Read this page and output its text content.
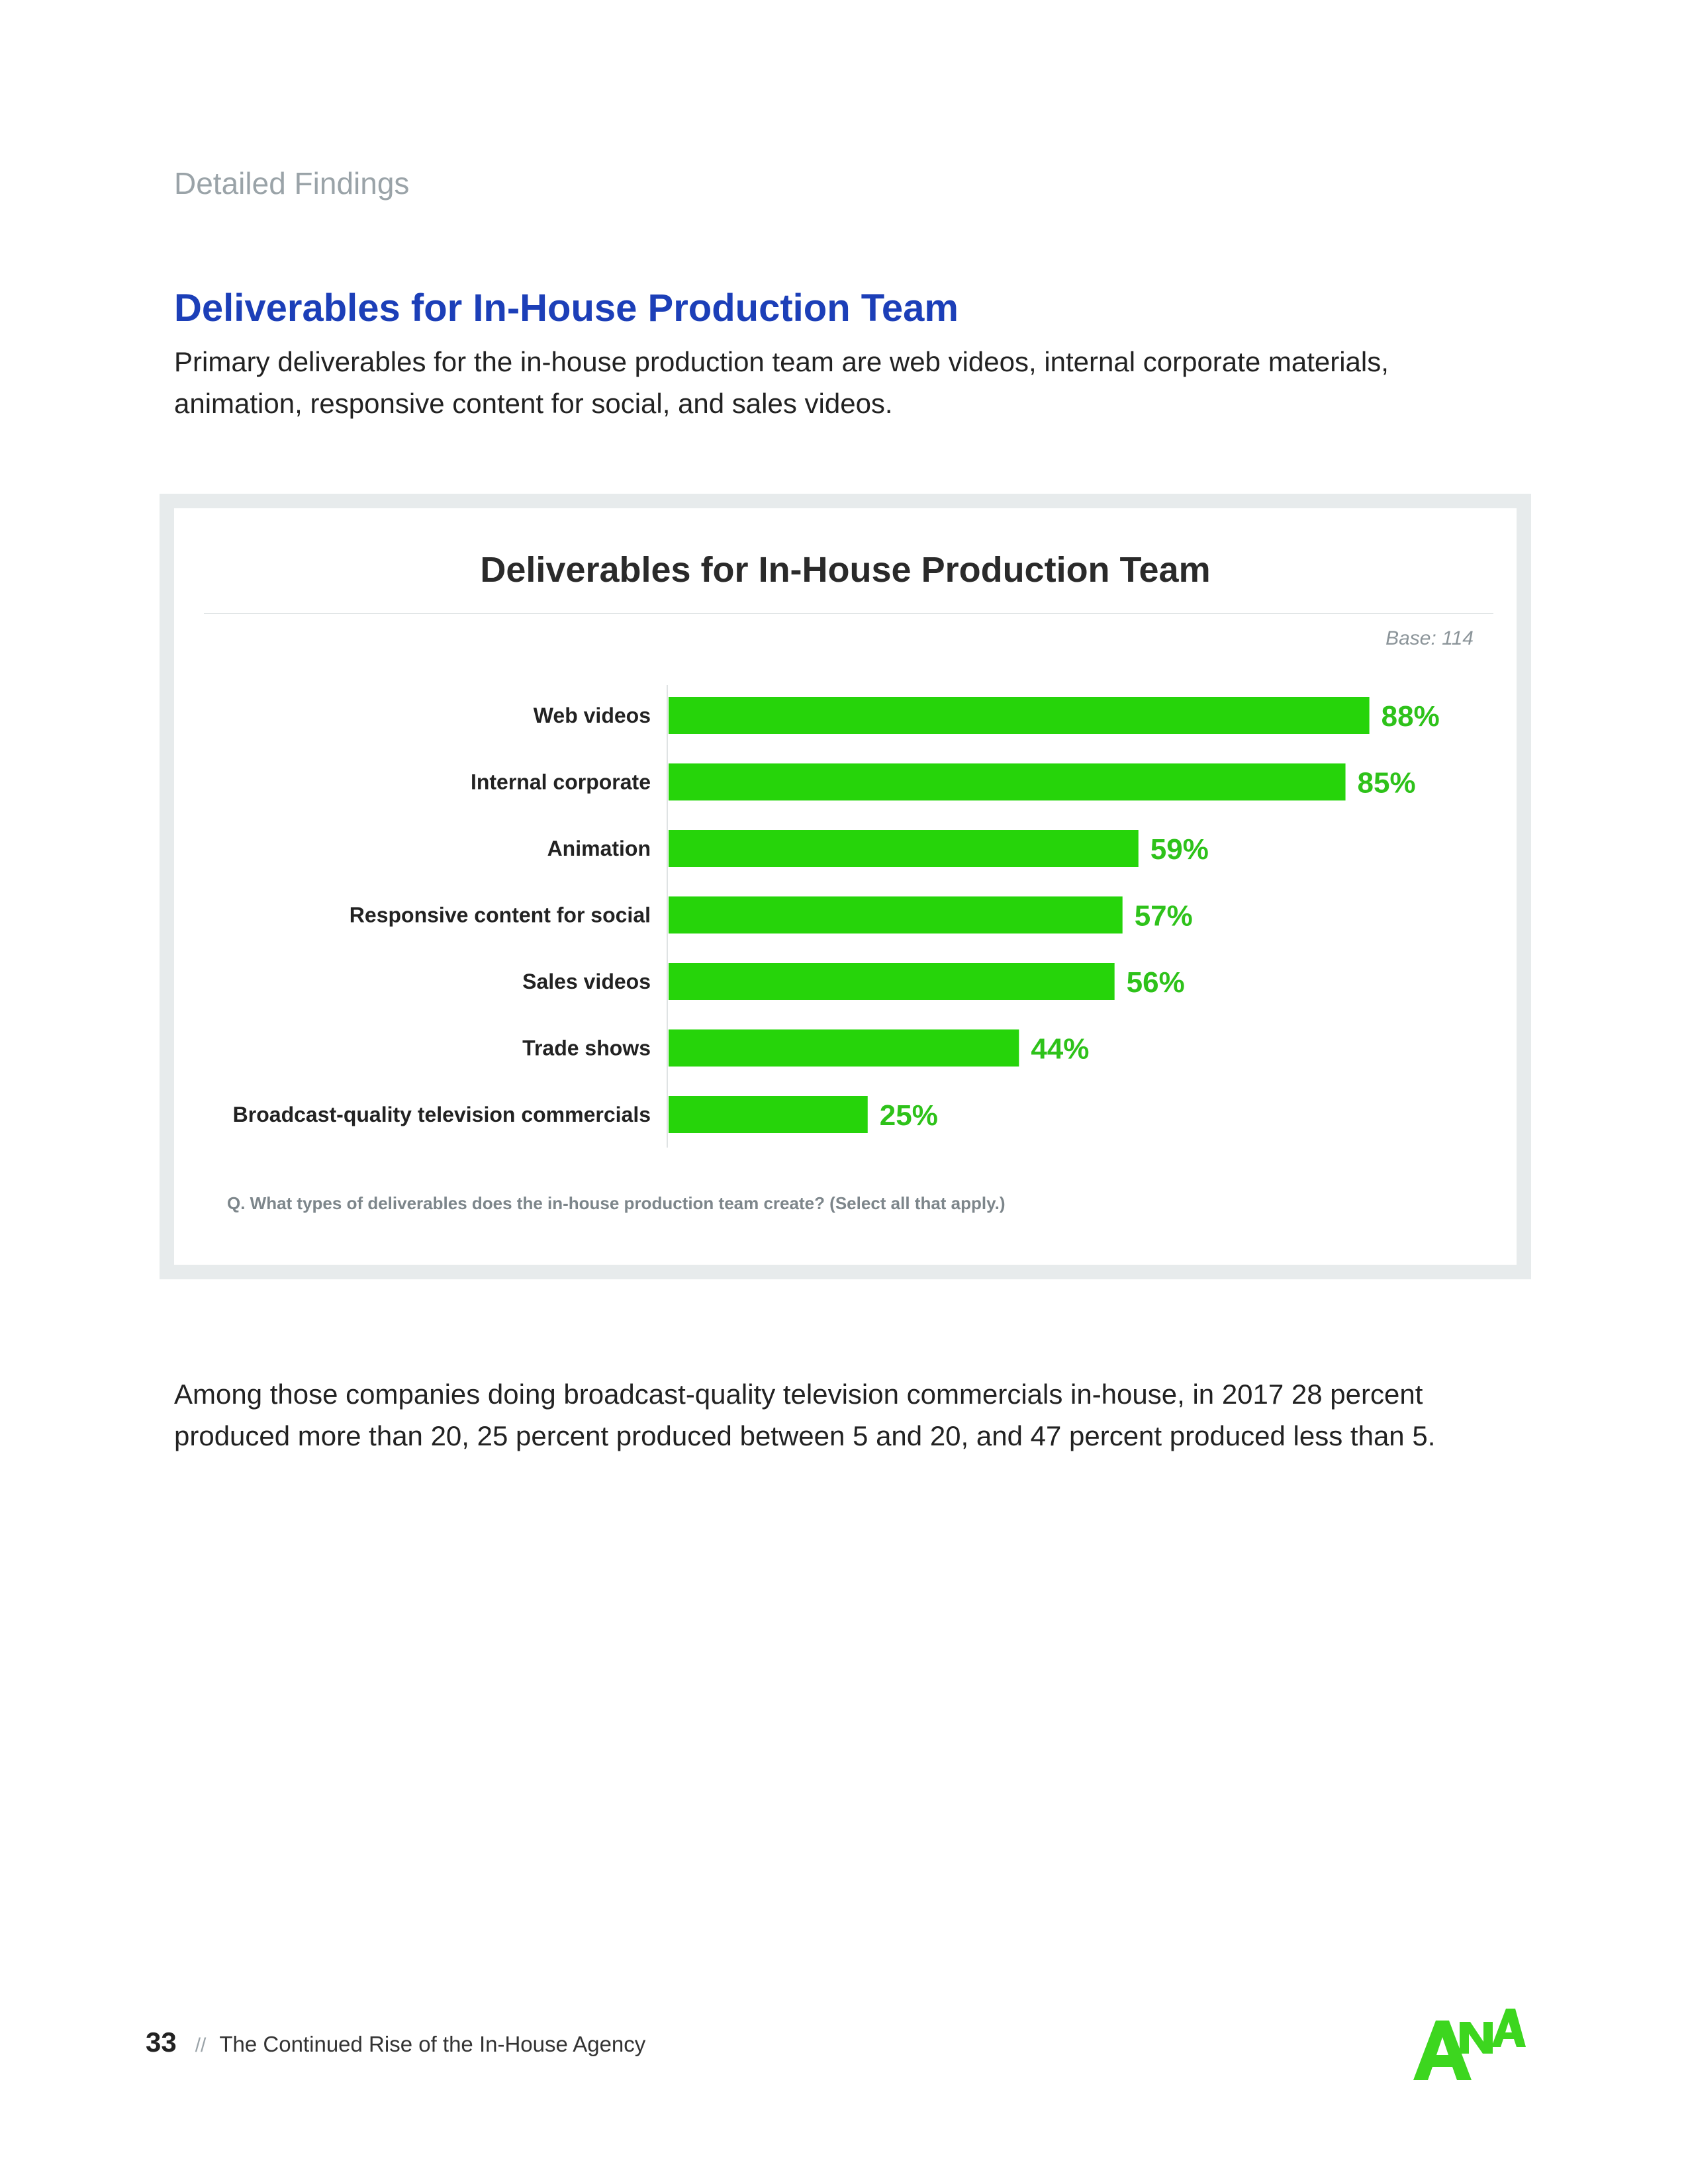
Detailed Findings
Deliverables for In-House Production Team
Primary deliverables for the in-house production team are web videos, internal corporate materials, animation, responsive content for social, and sales videos.
Deliverables for In-House Production Team
Base: 114
Web videos	88%
Internal corporate	85%
Animation	59%
Responsive content for social	57%
Sales videos	56%
Trade shows	44%
Broadcast-quality television commercials	25%
Q. What types of deliverables does the in-house production team create? (Select all that apply.)
Among those companies doing broadcast-quality television commercials in-house, in 2017 28 percent produced more than 20, 25 percent produced between 5 and 20, and 47 percent produced less than 5.
33 // The Continued Rise of the In-House Agency
